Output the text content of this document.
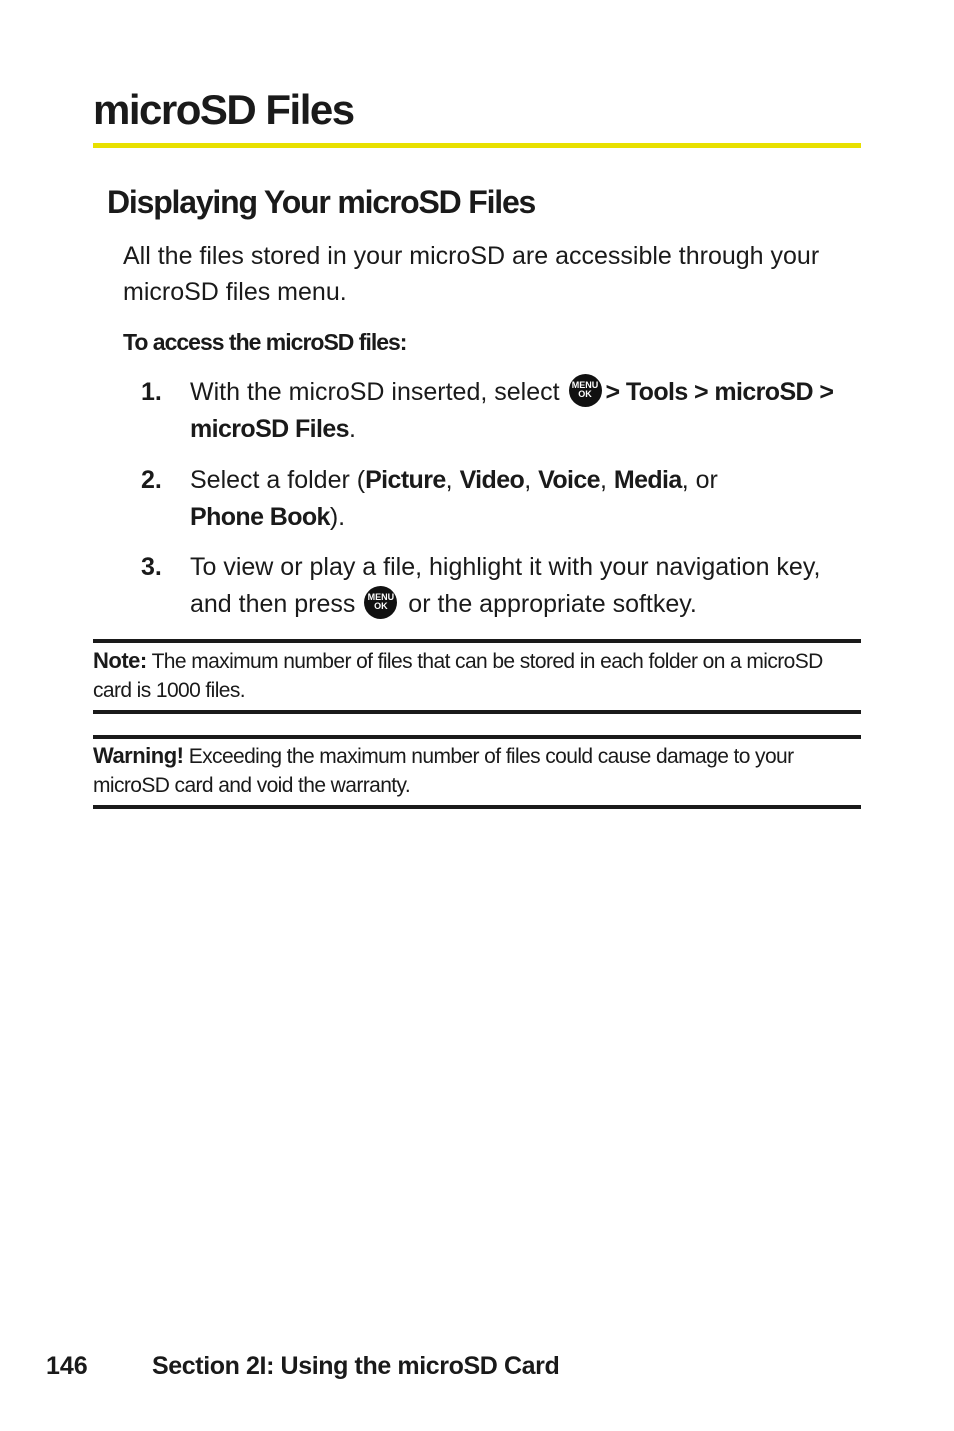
microSD Files
Displaying Your microSD Files

All the files stored in your microSD are accessible through your microSD files menu.

To access the microSD files:

1. With the microSD inserted, select MENU
OK > Tools > microSD > microSD Files.
2. Select a folder (Picture, Video, Voice, Media, or
Phone Book).
3. To view or play a file, highlight it with your navigation key, and then press MENU
OK or the appropriate softkey.

Note: The maximum number of files that can be stored in each folder on a microSD card is 1000 files.

Warning! Exceeding the maximum number of files could cause damage to your microSD card and void the warranty.

146	Section 2I: Using the microSD Card
